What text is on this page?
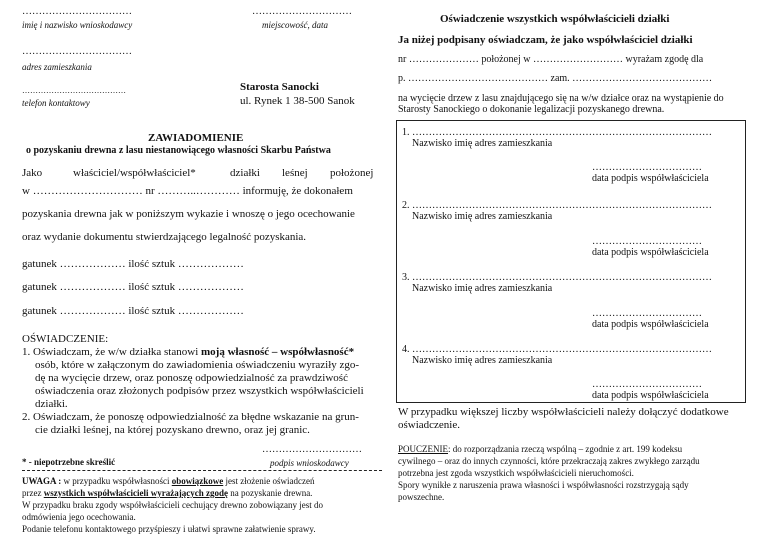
……………………………
imię i nazwisko wnioskodawcy
…………………………
miejscowość, data
……………………………
adres zamieszkania
…………………………………
telefon kontaktowy
Starosta Sanocki
ul. Rynek 1 38-500 Sanok
ZAWIADOMIENIE
o pozyskaniu drewna z lasu niestanowiącego własności Skarbu Państwa
Jako	właściciel/współwłaściciel*	działki leśnej położonej
w ………………………… nr ………..………… informuję, że dokonałem
pozyskania drewna jak w poniższym wykazie i wnoszę o jego ocechowanie
oraz wydanie dokumentu stwierdzającego legalność pozyskania.
gatunek ……………… ilość sztuk ………………
gatunek ……………… ilość sztuk ………………
gatunek ……………… ilość sztuk ………………
OŚWIADCZENIE:
1. Oświadczam, że w/w działka stanowi moją własność – współwłasność*
osób, które w załączonym do zawiadomienia oświadczeniu wyraziły zgo-
dę na wycięcie drzew, oraz ponoszę odpowiedzialność za prawdziwość
oświadczenia oraz złożonych podpisów przez wszystkich współwłaścicieli
działki.
2. Oświadczam, że ponoszę odpowiedzialność za błędne wskazanie na grun-
cie działki leśnej, na której pozyskano drewno, oraz jej granic.
…………………………
podpis wnioskodawcy
* - niepotrzebne skreślić
UWAGA : w przypadku współwłasności obowiązkowe jest złożenie oświadczeń
przez wszystkich współwłaścicieli wyrażających zgodę na pozyskanie drewna.
W przypadku braku zgody współwłaścicieli cechujący drewno zobowiązany jest do
odmówienia jego ocechowania.
Podanie telefonu kontaktowego przyśpieszy i ułatwi sprawne załatwienie sprawy.
Oświadczenie wszystkich współwłaścicieli działki
Ja niżej podpisany oświadczam, że jako współwłaściciel działki
nr ………………… położonej w ……………………… wyrażam zgodę dla
p. …………………………………… zam. ……………………………………
na wycięcie drzew z lasu znajdującego się na w/w działce oraz na wystąpienie do
Starosty Sanockiego o dokonanie legalizacji pozyskanego drewna.
1. ………………………………………………………………………………
Nazwisko imię adres zamieszkania
……………………………
data podpis współwłaściciela
2. ………………………………………………………………………………
Nazwisko imię adres zamieszkania
……………………………
data podpis współwłaściciela
3. ………………………………………………………………………………
Nazwisko imię adres zamieszkania
……………………………
data podpis współwłaściciela
4. ………………………………………………………………………………
Nazwisko imię adres zamieszkania
……………………………
data podpis współwłaściciela
W przypadku większej liczby współwłaścicieli należy dołączyć dodatkowe
oświadczenie.
POUCZENIE: do rozporządzania rzeczą wspólną – zgodnie z art. 199 kodeksu
cywilnego – oraz do innych czynności, które przekraczają zakres zwykłego zarządu
potrzebna jest zgoda wszystkich współwłaścicieli nieruchomości.
Spory wynikłe z naruszenia prawa własności i współwłasności rozstrzygają sądy
powszechne.
